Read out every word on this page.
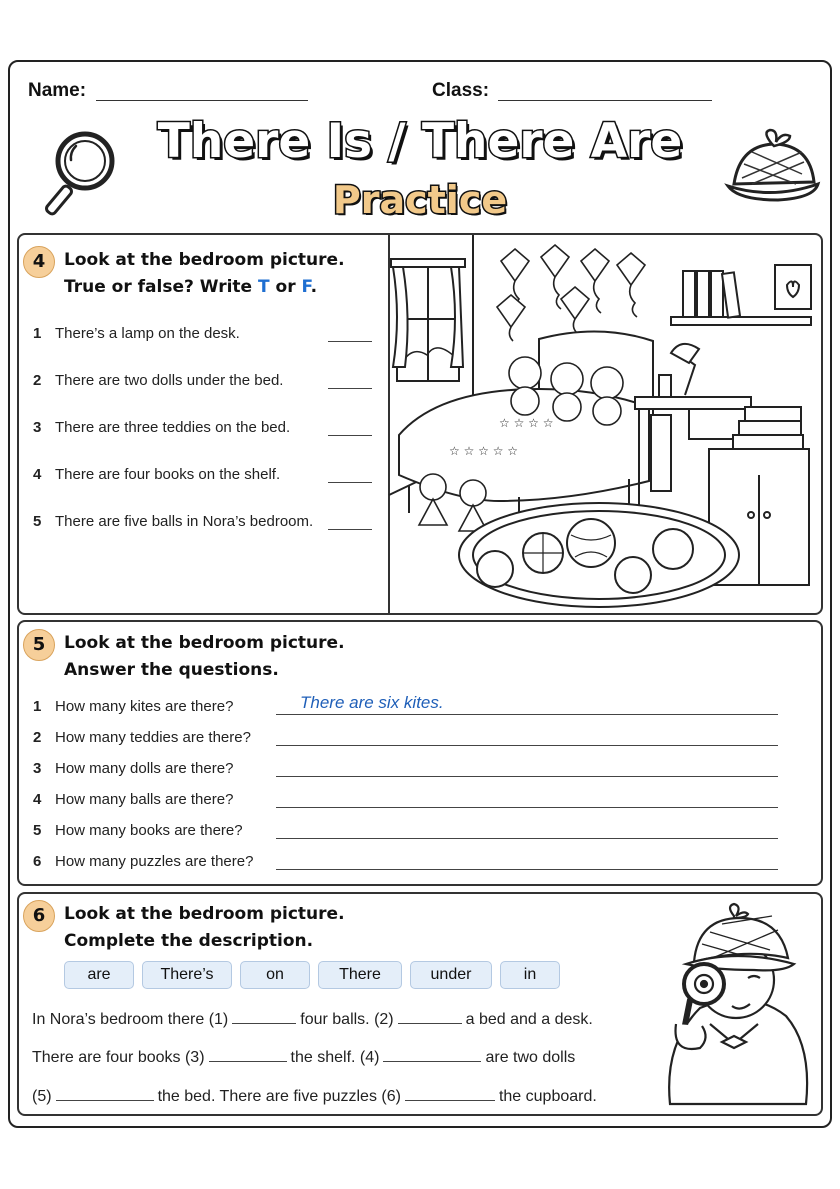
Name:	Class:
There Is / There Are
Practice
4	Look at the bedroom picture.
True or false? Write T or F.
1 There’s a lamp on the desk.
2 There are two dolls under the bed.
3 There are three teddies on the bed.
4 There are four books on the shelf.
5 There are five balls in Nora’s bedroom.
☆ ☆ ☆ ☆ ☆
☆ ☆ ☆ ☆
5	Look at the bedroom picture.
Answer the questions.
1 How many kites are there?	There are six kites.
2 How many teddies are there?
3 How many dolls are there?
4 How many balls are there?
5 How many books are there?
6 How many puzzles are there?
6	Look at the bedroom picture.
Complete the description.
are	There’s	on	There	under	in
In Nora’s bedroom there (1)	four balls. (2)	a bed and a desk.
There are four books (3)	the shelf. (4)	are two dolls
(5)	the bed. There are five puzzles (6)	the cupboard.
